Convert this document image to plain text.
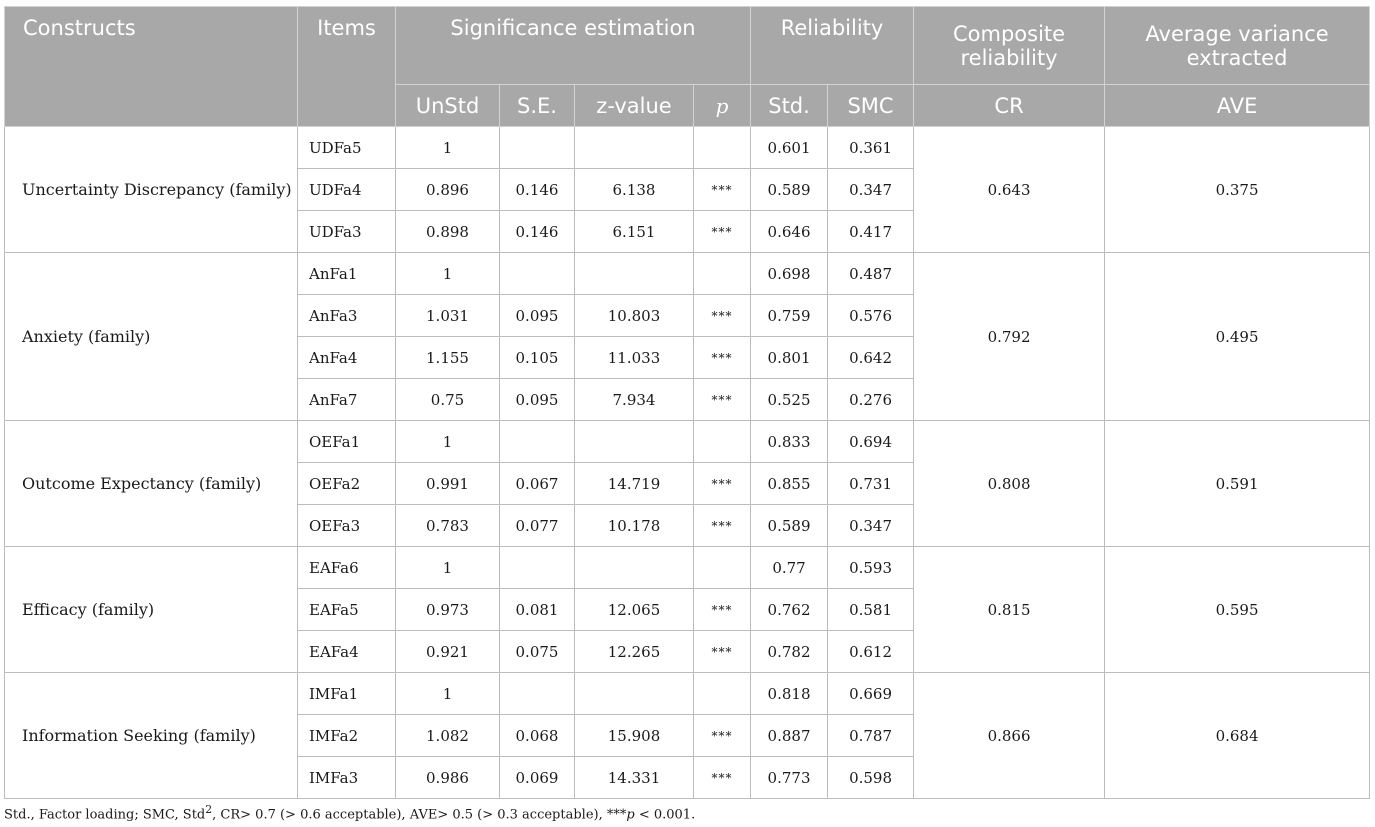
Constructs	Items	Significance estimation				Reliability		Composite reliability	Average variance extracted
		UnStd	S.E.	z-value	p	Std.	SMC	CR	AVE
Uncertainty Discrepancy (family)	UDFa5	1				0.601	0.361	0.643	0.375
	UDFa4	0.896	0.146	6.138	***	0.589	0.347		
	UDFa3	0.898	0.146	6.151	***	0.646	0.417		
Anxiety (family)	AnFa1	1				0.698	0.487	0.792	0.495
	AnFa3	1.031	0.095	10.803	***	0.759	0.576		
	AnFa4	1.155	0.105	11.033	***	0.801	0.642		
	AnFa7	0.75	0.095	7.934	***	0.525	0.276		
Outcome Expectancy (family)	OEFa1	1				0.833	0.694	0.808	0.591
	OEFa2	0.991	0.067	14.719	***	0.855	0.731		
	OEFa3	0.783	0.077	10.178	***	0.589	0.347		
Efficacy (family)	EAFa6	1				0.77	0.593	0.815	0.595
	EAFa5	0.973	0.081	12.065	***	0.762	0.581		
	EAFa4	0.921	0.075	12.265	***	0.782	0.612		
Information Seeking (family)	IMFa1	1				0.818	0.669	0.866	0.684
	IMFa2	1.082	0.068	15.908	***	0.887	0.787		
	IMFa3	0.986	0.069	14.331	***	0.773	0.598		
Std., Factor loading; SMC, Std$^2$, CR> 0.7 (> 0.6 acceptable), AVE> 0.5 (> 0.3 acceptable), ***p < 0.001.
